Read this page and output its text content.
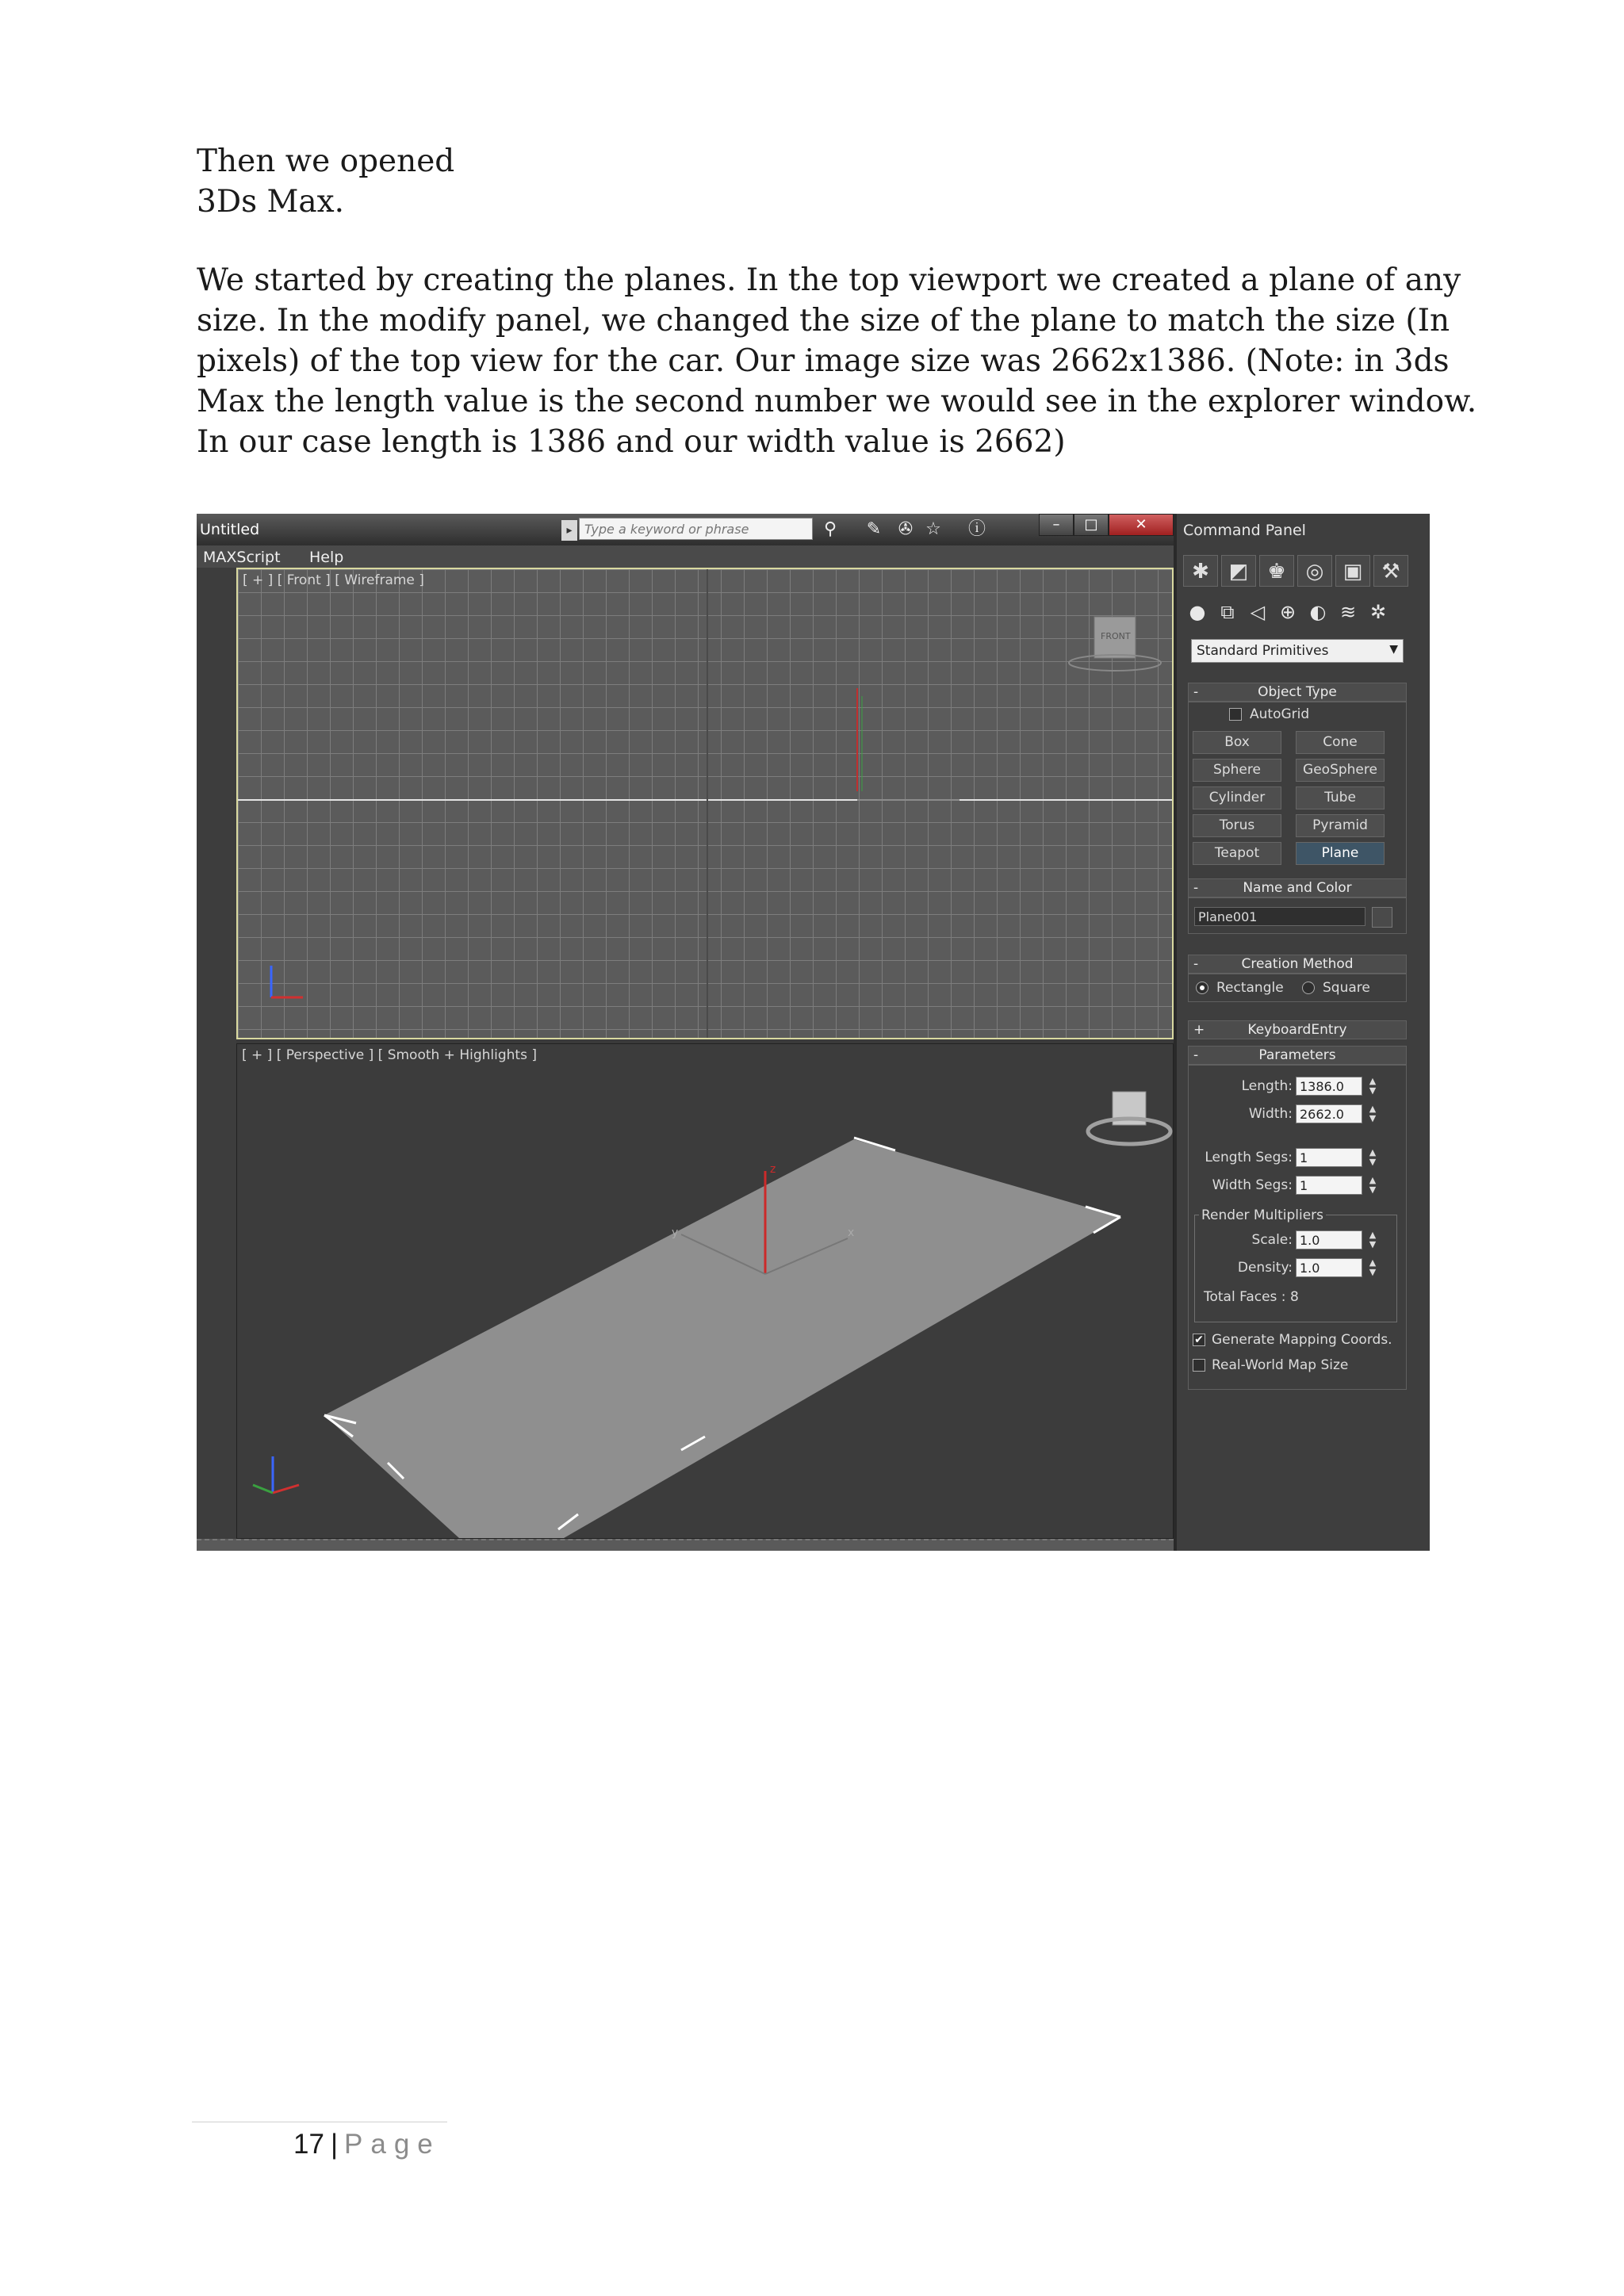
Then we opened
3Ds Max.
We started by creating the planes. In the top viewport we created a plane of any
size. In the modify panel, we changed the size of the plane to match the size (In
pixels) of the top view for the car. Our image size was 2662x1386. (Note: in 3ds
Max the length value is the second number we would see in the explorer window.
In our case length is 1386 and our width value is 2662)
Untitled	▸
Type a keyword or phrase	⚲ ✎ ✇ ☆ ⓘ	–	□	✕
MAXScript Help
[ + ] [ Front ] [ Wireframe ]
FRONT
[ + ] [ Perspective ] [ Smooth + Highlights ]
z
x
y
Command Panel
✱ ◩ ♚ ◎ ▣ ⚒
● ⧉ ◁ ⊕ ◐ ≋ ✲
Standard Primitives	▼
-	Object Type
AutoGrid
Box	Cone
Sphere	GeoSphere
Cylinder	Tube
Torus	Pyramid
Teapot	Plane
-	Name and Color
Plane001
-	Creation Method
Rectangle	Square
+	KeyboardEntry
-	Parameters
Length:
1386.0	▲
▼
Width:
2662.0	▲
▼
Length Segs:
1	▲
▼
Width Segs:
1	▲
▼
Render Multipliers
Scale:
1.0	▲
▼
Density:
1.0	▲
▼
Total Faces : 8
✔ Generate Mapping Coords.
Real-World Map Size
17 | Page
